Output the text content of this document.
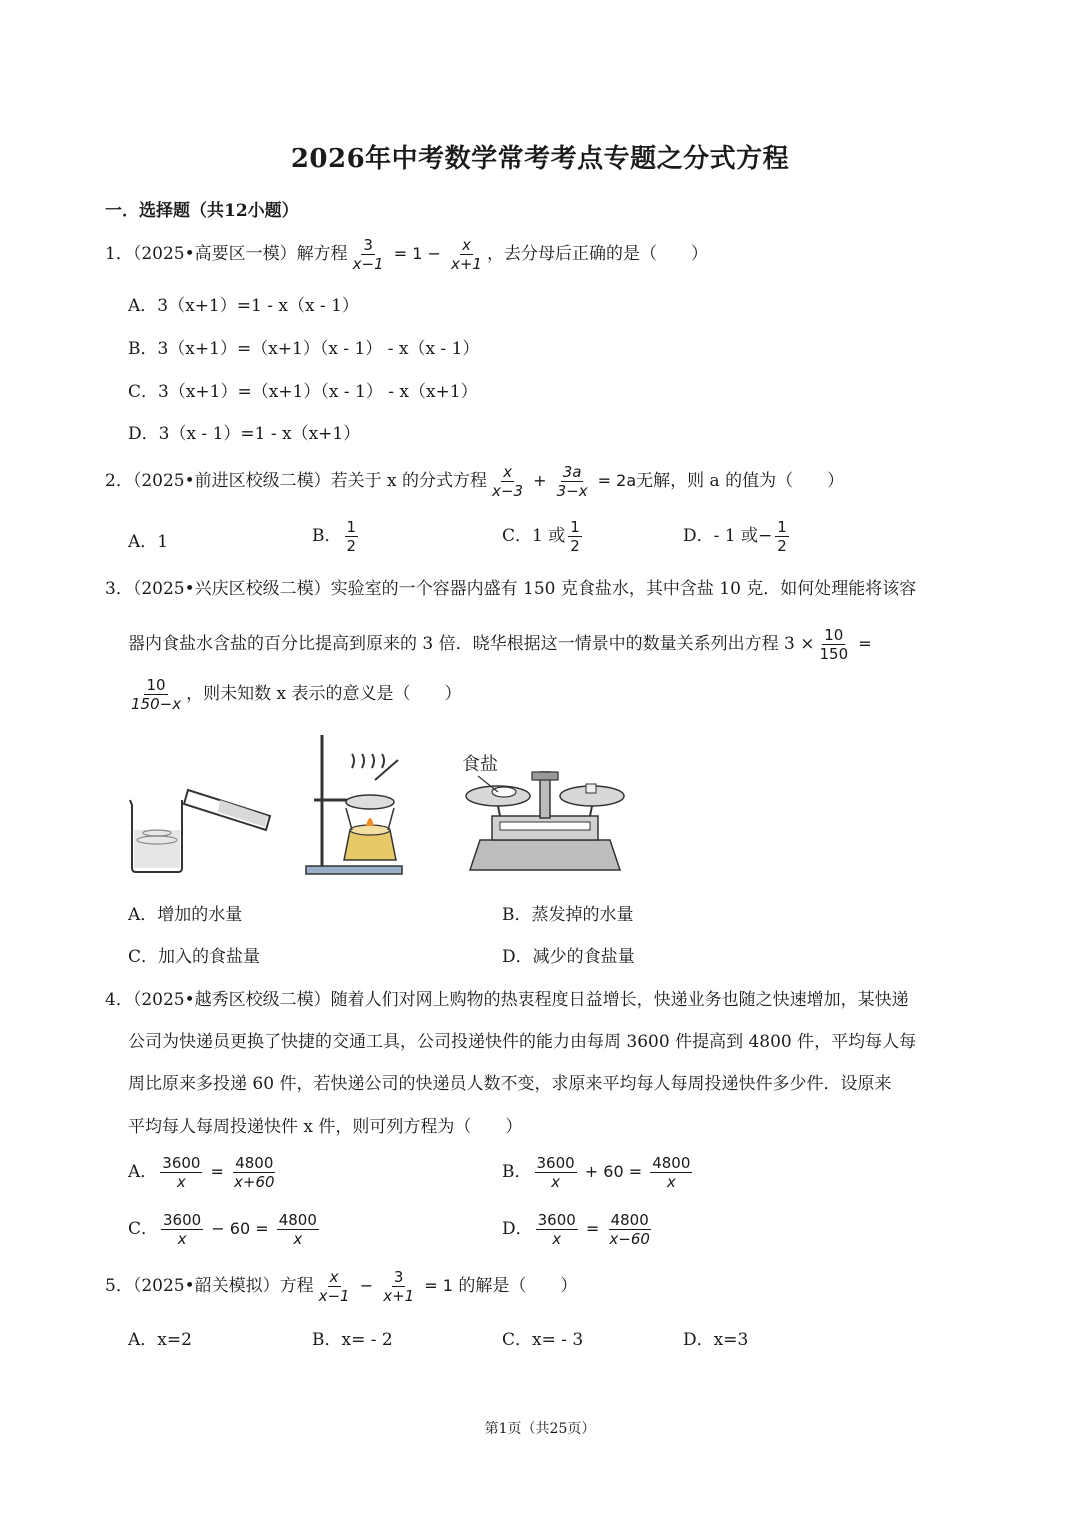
2026年中考数学常考考点专题之分式方程
一．选择题（共12小题）
1．（2025•高要区一模）解方程 $\frac{3}{x-1} = 1 - \frac{x}{x+1}$ ，去分母后正确的是（　　）
A．3（x+1）=1 - x（x - 1）
B．3（x+1）=（x+1）（x - 1） - x（x - 1）
C．3（x+1）=（x+1）（x - 1） - x（x+1）
D．3（x - 1）=1 - x（x+1）
2．（2025•前进区校级二模）若关于 x 的分式方程 $\frac{x}{x-3} + \frac{3a}{3-x} = 2a$无解，则 a 的值为（　　）
A．1	B． $\frac{1}{2}$	C．1 或 $\frac{1}{2}$	D．- 1 或− $\frac{1}{2}$
3．（2025•兴庆区校级二模）实验室的一个容器内盛有 150 克食盐水，其中含盐 10 克．如何处理能将该容
器内食盐水含盐的百分比提高到原来的 3 倍．晓华根据这一情景中的数量关系列出方程 $3 \times \frac{10}{150}$ =
$\frac{10}{150-x}$ ，则未知数 x 表示的意义是（　　）
食盐
A．增加的水量	B．蒸发掉的水量
C．加入的食盐量	D．减少的食盐量
4．（2025•越秀区校级二模）随着人们对网上购物的热衷程度日益增长，快递业务也随之快速增加，某快递
公司为快递员更换了快捷的交通工具，公司投递快件的能力由每周 3600 件提高到 4800 件，平均每人每
周比原来多投递 60 件，若快递公司的快递员人数不变，求原来平均每人每周投递快件多少件．设原来
平均每人每周投递快件 x 件，则可列方程为（　　）
A． $\frac{3600}{x} = \frac{4800}{x+60}$	B． $\frac{3600}{x} + 60 = \frac{4800}{x}$
C． $\frac{3600}{x} - 60 = \frac{4800}{x}$	D． $\frac{3600}{x} = \frac{4800}{x-60}$
5．（2025•韶关模拟）方程 $\frac{x}{x-1} - \frac{3}{x+1} = 1$ 的解是（　　）
A．x=2	B．x= - 2	C．x= - 3	D．x=3
第1页（共25页）
